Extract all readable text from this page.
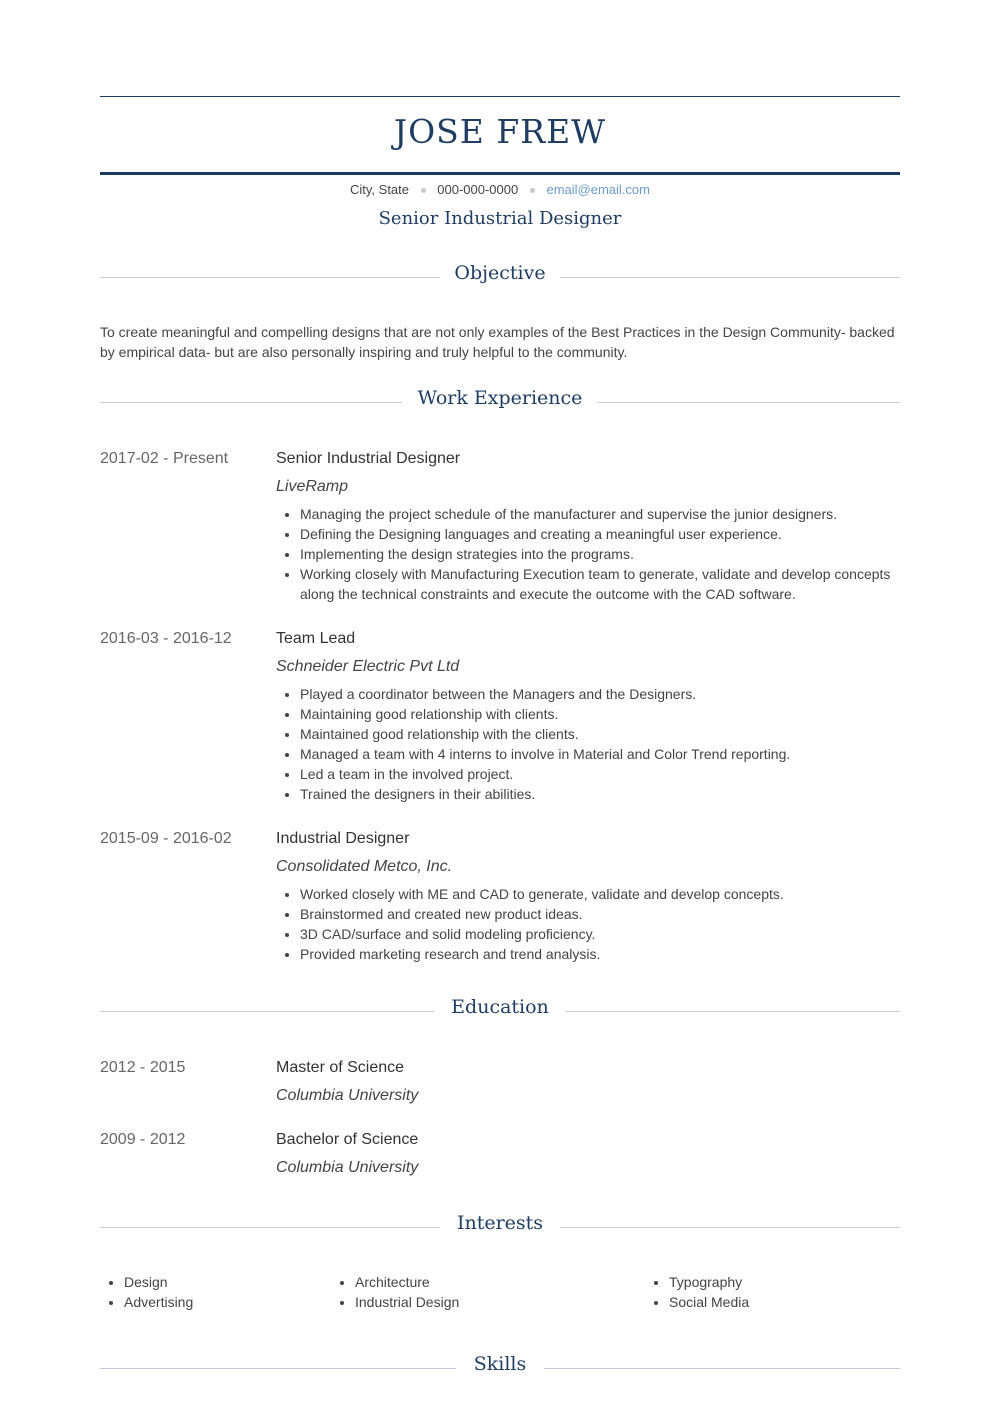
JOSE FREW
City, State 000-000-0000 email@email.com
Senior Industrial Designer
Objective
To create meaningful and compelling designs that are not only examples of the Best Practices in the Design Community- backed by empirical data- but are also personally inspiring and truly helpful to the community.
Work Experience
2017-02 - Present	Senior Industrial Designer
LiveRamp
• Managing the project schedule of the manufacturer and supervise the junior designers.
• Defining the Designing languages and creating a meaningful user experience.
• Implementing the design strategies into the programs.
• Working closely with Manufacturing Execution team to generate, validate and develop concepts along the technical constraints and execute the outcome with the CAD software.
2016-03 - 2016-12	Team Lead
Schneider Electric Pvt Ltd
• Played a coordinator between the Managers and the Designers.
• Maintaining good relationship with clients.
• Maintained good relationship with the clients.
• Managed a team with 4 interns to involve in Material and Color Trend reporting.
• Led a team in the involved project.
• Trained the designers in their abilities.
2015-09 - 2016-02	Industrial Designer
Consolidated Metco, Inc.
• Worked closely with ME and CAD to generate, validate and develop concepts.
• Brainstormed and created new product ideas.
• 3D CAD/surface and solid modeling proficiency.
• Provided marketing research and trend analysis.
Education
2012 - 2015	Master of Science
Columbia University
2009 - 2012	Bachelor of Science
Columbia University
Interests
• Design
• Advertising
• Architecture
• Industrial Design
• Typography
• Social Media
Skills
